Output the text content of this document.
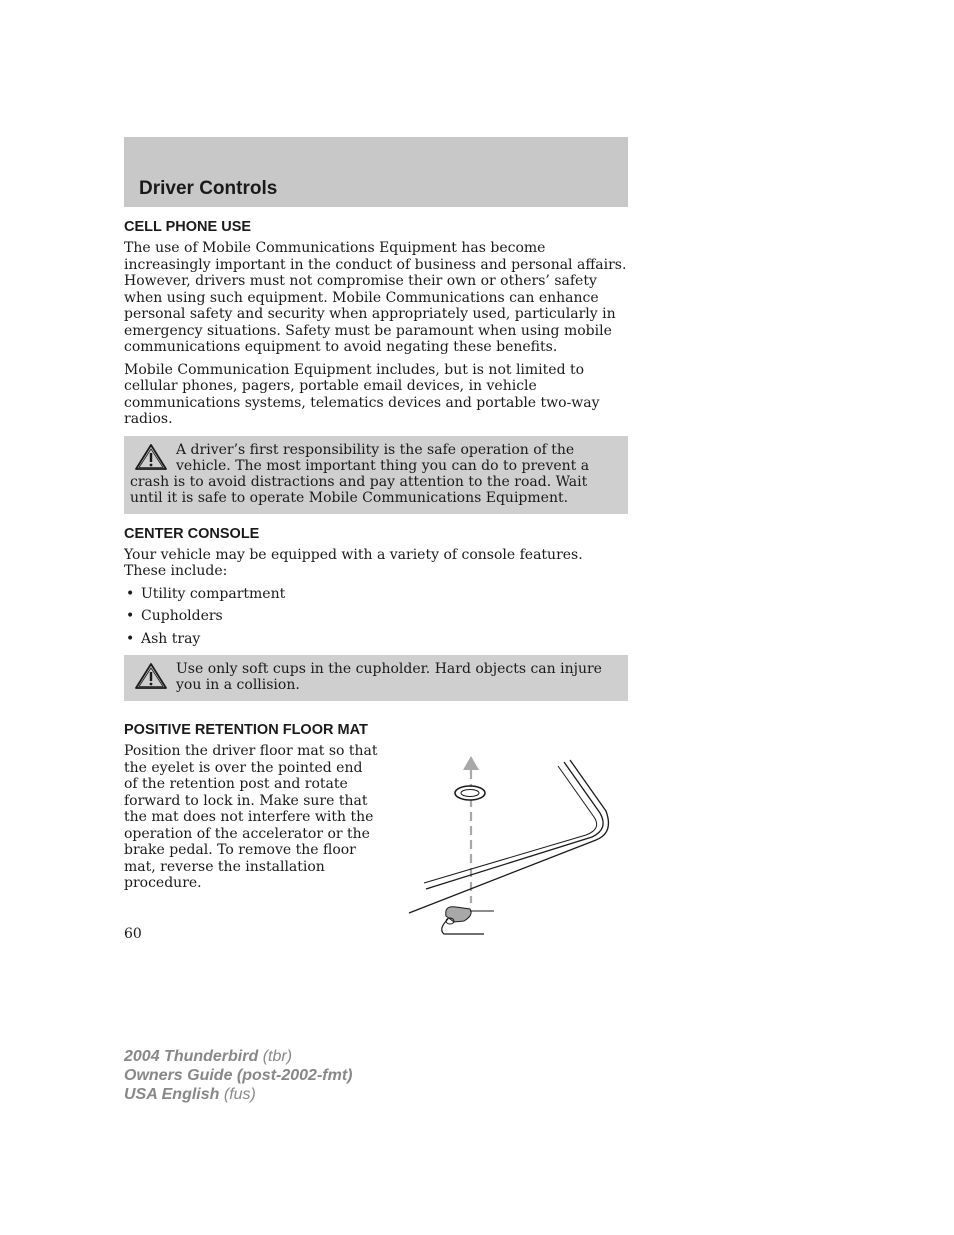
Driver Controls
CELL PHONE USE

The use of Mobile Communications Equipment has become increasingly important in the conduct of business and personal affairs. However, drivers must not compromise their own or others’ safety when using such equipment. Mobile Communications can enhance personal safety and security when appropriately used, particularly in emergency situations. Safety must be paramount when using mobile communications equipment to avoid negating these benefits.

Mobile Communication Equipment includes, but is not limited to cellular phones, pagers, portable email devices, in vehicle communications systems, telematics devices and portable two-way radios.

A driver’s first responsibility is the safe operation of the vehicle. The most important thing you can do to prevent a crash is to avoid distractions and pay attention to the road. Wait until it is safe to operate Mobile Communications Equipment.
CENTER CONSOLE

Your vehicle may be equipped with a variety of console features. These include:

• Utility compartment
• Cupholders
• Ash tray
Use only soft cups in the cupholder. Hard objects can injure you in a collision.
POSITIVE RETENTION FLOOR MAT

Position the driver floor mat so that the eyelet is over the pointed end of the retention post and rotate forward to lock in. Make sure that the mat does not interfere with the operation of the accelerator or the brake pedal. To remove the floor mat, reverse the installation procedure.

60
2004 Thunderbird (tbr)
Owners Guide (post-2002-fmt)
USA English (fus)
